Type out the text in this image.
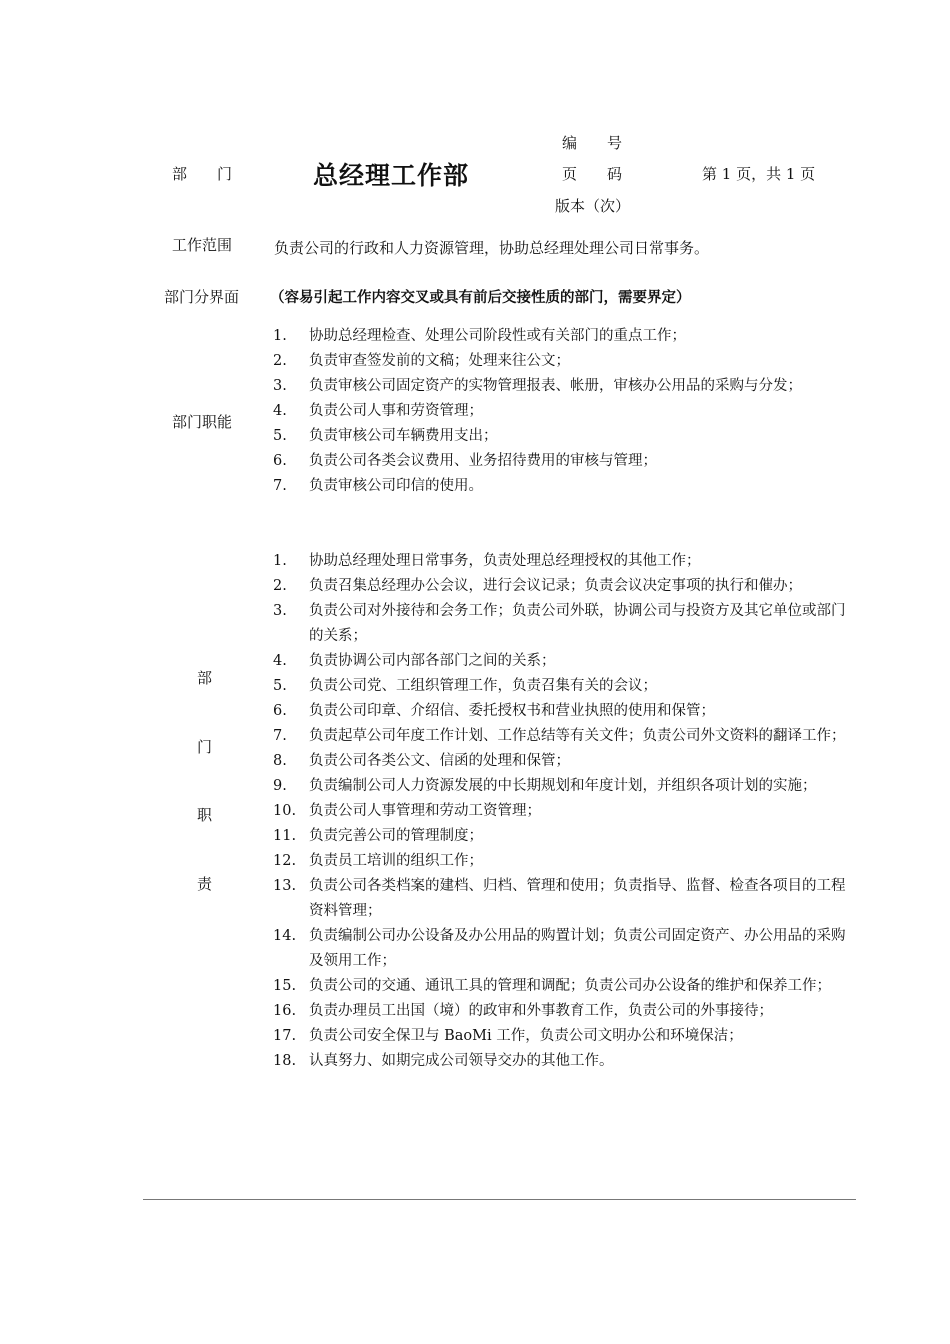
部　　门	总经理工作部
编　　号
页　　码	第 1 页，共 1 页
版本（次）
工作范围	负责公司的行政和人力资源管理，协助总经理处理公司日常事务。
部门分界面 （容易引起工作内容交叉或具有前后交接性质的部门，需要界定）
部门职能
1. 协助总经理检查、处理公司阶段性或有关部门的重点工作；
2. 负责审查签发前的文稿；处理来往公文；
3. 负责审核公司固定资产的实物管理报表、帐册，审核办公用品的采购与分发；
4. 负责公司人事和劳资管理；
5. 负责审核公司车辆费用支出；
6. 负责公司各类会议费用、业务招待费用的审核与管理；
7. 负责审核公司印信的使用。
部
门
职
责
1. 协助总经理处理日常事务，负责处理总经理授权的其他工作；
2. 负责召集总经理办公会议，进行会议记录；负责会议决定事项的执行和催办；
3. 负责公司对外接待和会务工作；负责公司外联，协调公司与投资方及其它单位或部门的关系；
4. 负责协调公司内部各部门之间的关系；
5. 负责公司党、工组织管理工作，负责召集有关的会议；
6. 负责公司印章、介绍信、委托授权书和营业执照的使用和保管；
7. 负责起草公司年度工作计划、工作总结等有关文件；负责公司外文资料的翻译工作；
8. 负责公司各类公文、信函的处理和保管；
9. 负责编制公司人力资源发展的中长期规划和年度计划，并组织各项计划的实施；
10. 负责公司人事管理和劳动工资管理；
11. 负责完善公司的管理制度；
12. 负责员工培训的组织工作；
13. 负责公司各类档案的建档、归档、管理和使用；负责指导、监督、检查各项目的工程资料管理；
14. 负责编制公司办公设备及办公用品的购置计划；负责公司固定资产、办公用品的采购及领用工作；
15. 负责公司的交通、通讯工具的管理和调配；负责公司办公设备的维护和保养工作；
16. 负责办理员工出国（境）的政审和外事教育工作，负责公司的外事接待；
17. 负责公司安全保卫与 BaoMi 工作，负责公司文明办公和环境保洁；
18. 认真努力、如期完成公司领导交办的其他工作。
